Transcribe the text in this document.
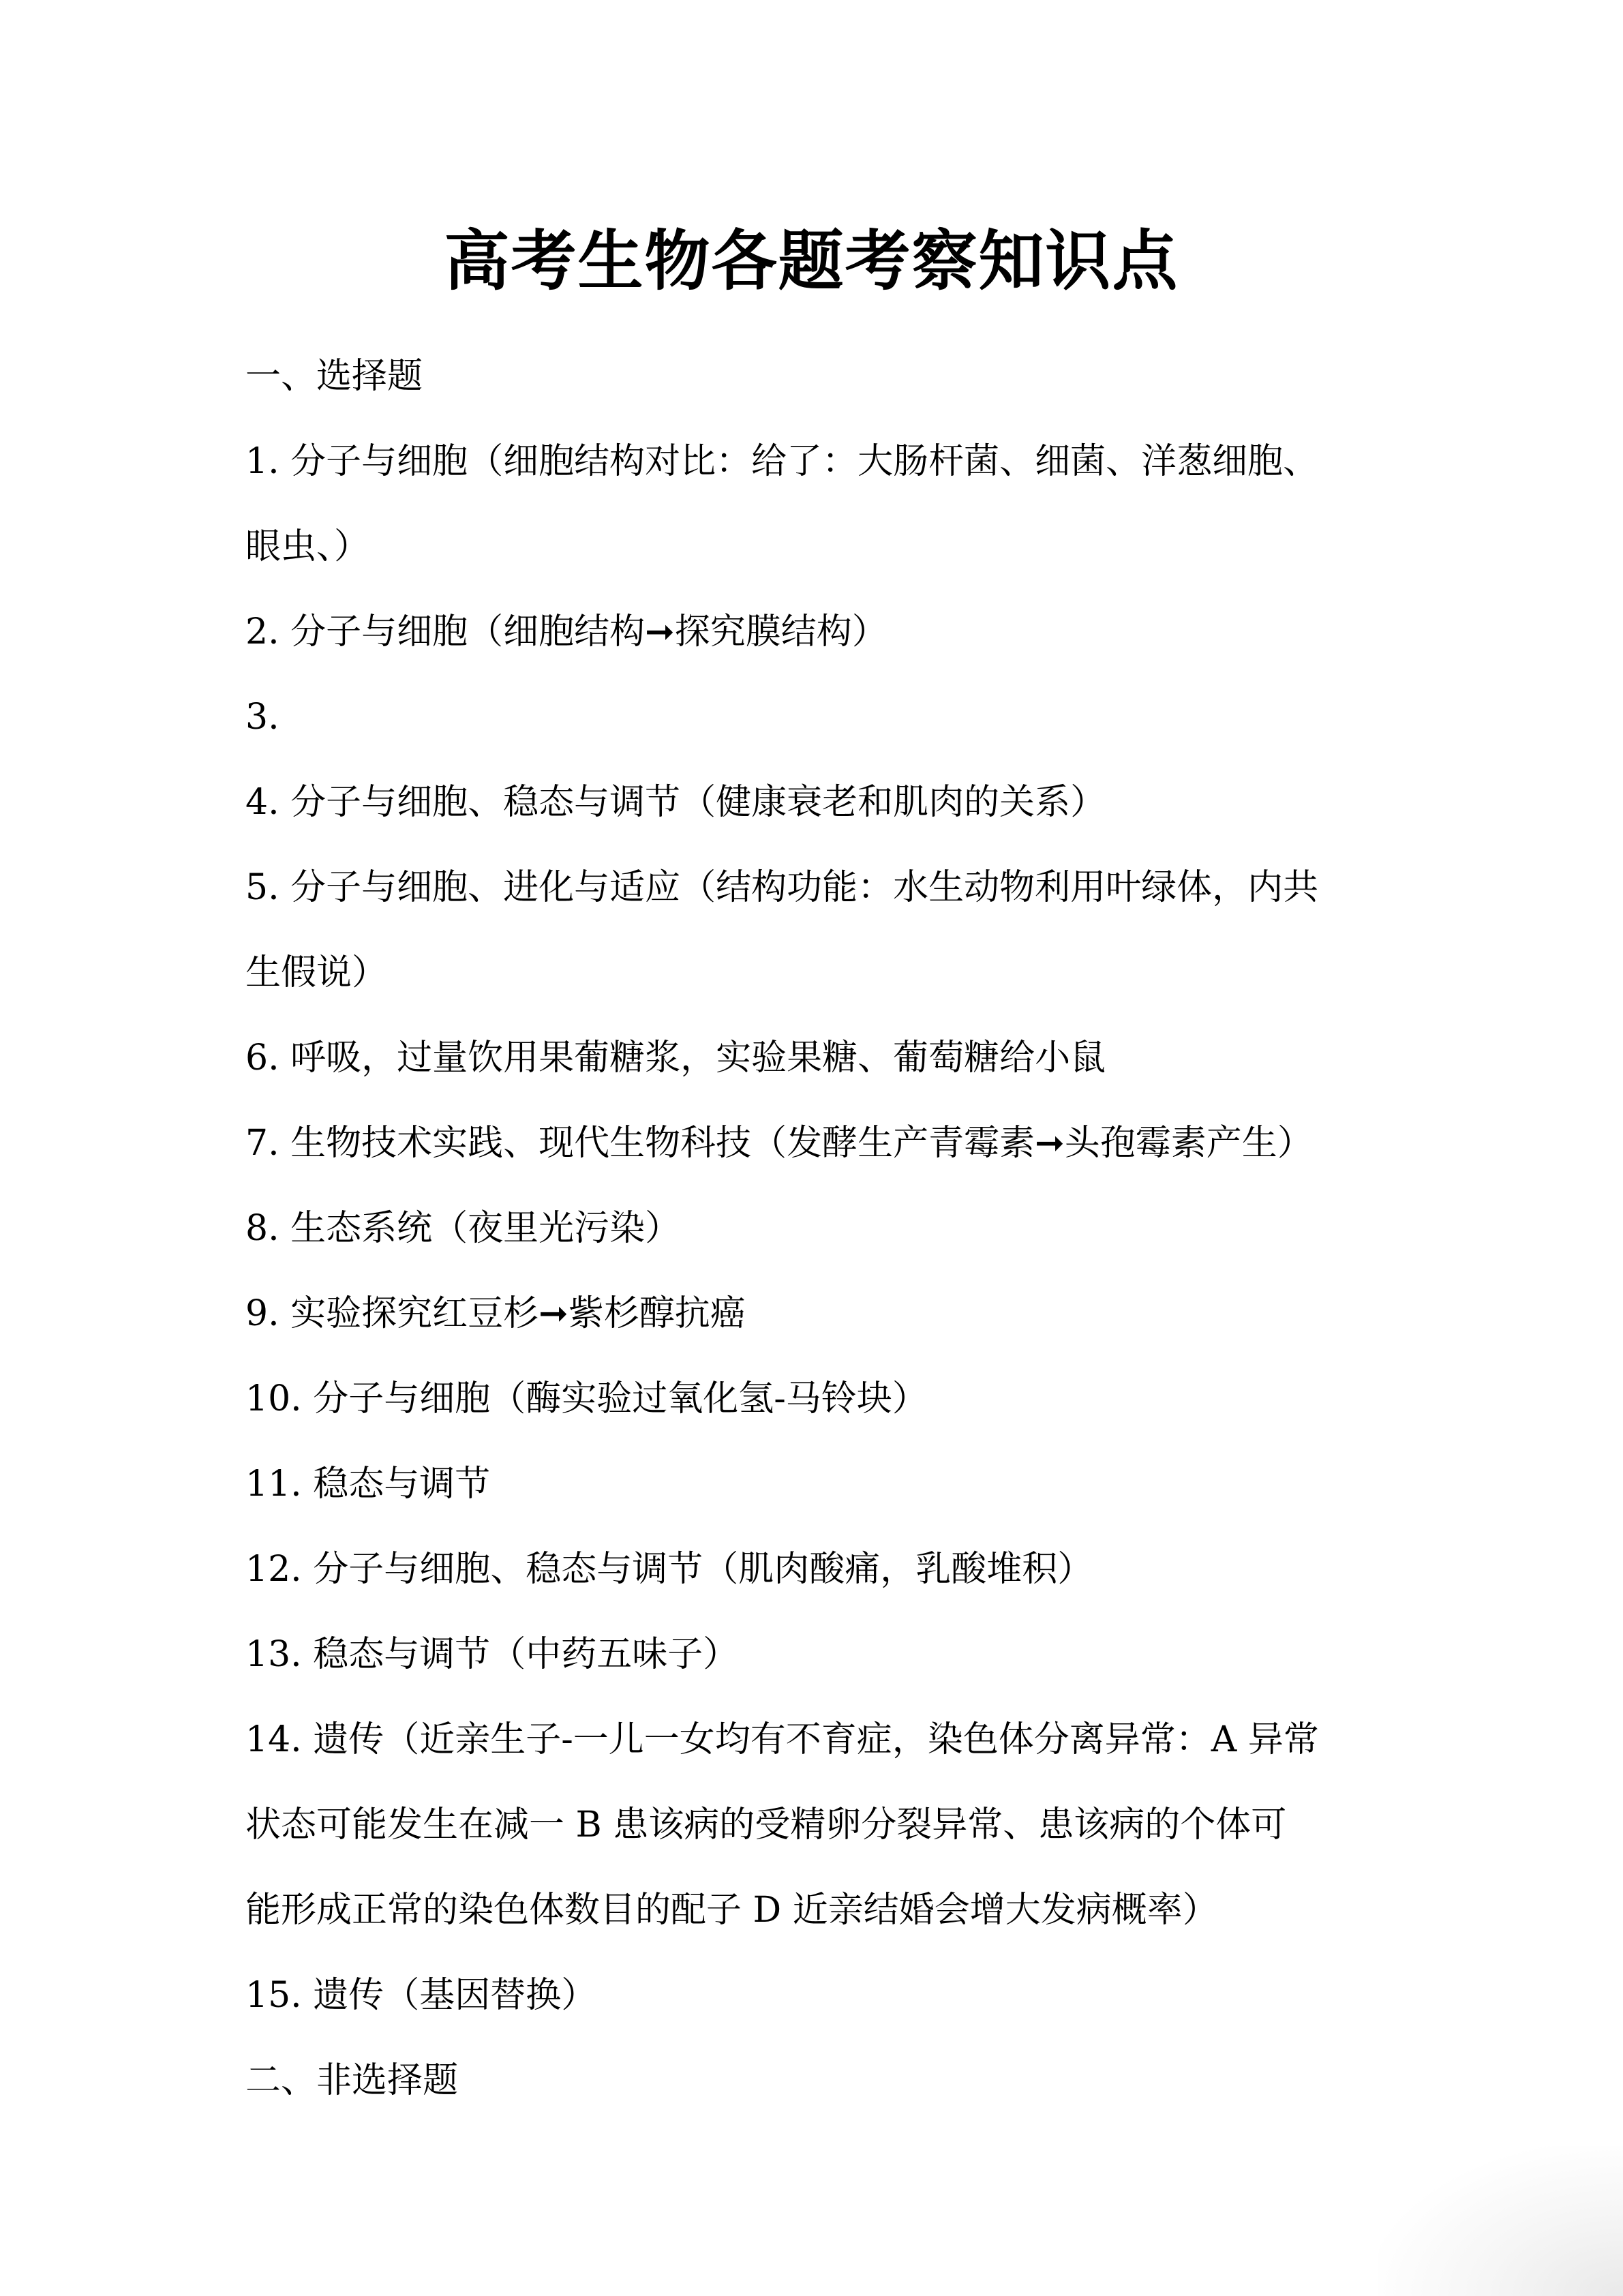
高考生物各题考察知识点
一、选择题
1. 分子与细胞（细胞结构对比：给了：大肠杆菌、细菌、洋葱细胞、
眼虫、）
2. 分子与细胞（细胞结构➞探究膜结构）
3.
4. 分子与细胞、稳态与调节（健康衰老和肌肉的关系）
5. 分子与细胞、进化与适应（结构功能：水生动物利用叶绿体，内共
生假说）
6. 呼吸，过量饮用果葡糖浆，实验果糖、葡萄糖给小鼠
7. 生物技术实践、现代生物科技（发酵生产青霉素➞头孢霉素产生）
8. 生态系统（夜里光污染）
9. 实验探究红豆杉➞紫杉醇抗癌
10. 分子与细胞（酶实验过氧化氢-马铃块）
11. 稳态与调节
12. 分子与细胞、稳态与调节（肌肉酸痛，乳酸堆积）
13. 稳态与调节（中药五味子）
14. 遗传（近亲生子-一儿一女均有不育症，染色体分离异常：A 异常
状态可能发生在减一 B 患该病的受精卵分裂异常、患该病的个体可
能形成正常的染色体数目的配子 D 近亲结婚会增大发病概率）
15. 遗传（基因替换）
二、非选择题
